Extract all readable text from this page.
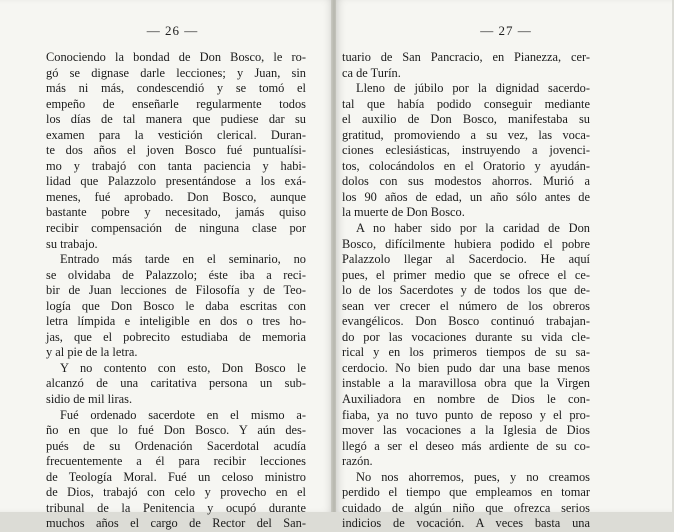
— 26 —
Conociendo la bondad de Don Bosco, le ro-
gó se dignase darle lecciones; y Juan, sin
más ni más, condescendió y se tomó el
empeño de enseñarle regularmente todos
los días de tal manera que pudiese dar su
examen para la vestición clerical. Duran-
te dos años el joven Bosco fué puntualísi-
mo y trabajó con tanta paciencia y habi-
lidad que Palazzolo presentándose a los exá-
menes, fué aprobado. Don Bosco, aunque
bastante pobre y necesitado, jamás quiso
recibir compensación de ninguna clase por
su trabajo.
Entrado más tarde en el seminario, no
se olvidaba de Palazzolo; éste iba a reci-
bir de Juan lecciones de Filosofía y de Teo-
logía que Don Bosco le daba escritas con
letra límpida e inteligible en dos o tres ho-
jas, que el pobrecito estudiaba de memoria
y al pie de la letra.
Y no contento con esto, Don Bosco le
alcanzó de una caritativa persona un sub-
sidio de mil liras.
Fué ordenado sacerdote en el mismo a-
ño en que lo fué Don Bosco. Y aún des-
pués de su Ordenación Sacerdotal acudía
frecuentemente a él para recibir lecciones
de Teología Moral. Fué un celoso ministro
de Dios, trabajó con celo y provecho en el
tribunal de la Penitencia y ocupó durante
muchos años el cargo de Rector del San-
— 27 —
tuario de San Pancracio, en Pianezza, cer-
ca de Turín.
Lleno de júbilo por la dignidad sacerdo-
tal que había podido conseguir mediante
el auxilio de Don Bosco, manifestaba su
gratitud, promoviendo a su vez, las voca-
ciones eclesiásticas, instruyendo a jovenci-
tos, colocándolos en el Oratorio y ayudán-
dolos con sus modestos ahorros. Murió a
los 90 años de edad, un año sólo antes de
la muerte de Don Bosco.
A no haber sido por la caridad de Don
Bosco, difícilmente hubiera podido el pobre
Palazzolo llegar al Sacerdocio. He aquí
pues, el primer medio que se ofrece el ce-
lo de los Sacerdotes y de todos los que de-
sean ver crecer el número de los obreros
evangélicos. Don Bosco continuó trabajan-
do por las vocaciones durante su vida cle-
rical y en los primeros tiempos de su sa-
cerdocio. No bien pudo dar una base menos
instable a la maravillosa obra que la Virgen
Auxiliadora en nombre de Dios le con-
fiaba, ya no tuvo punto de reposo y el pro-
mover las vocaciones a la Iglesia de Dios
llegó a ser el deseo más ardiente de su co-
razón.
No nos ahorremos, pues, y no creamos
perdido el tiempo que empleamos en tomar
cuidado de algún niño que ofrezca serios
indicios de vocación. A veces basta una
